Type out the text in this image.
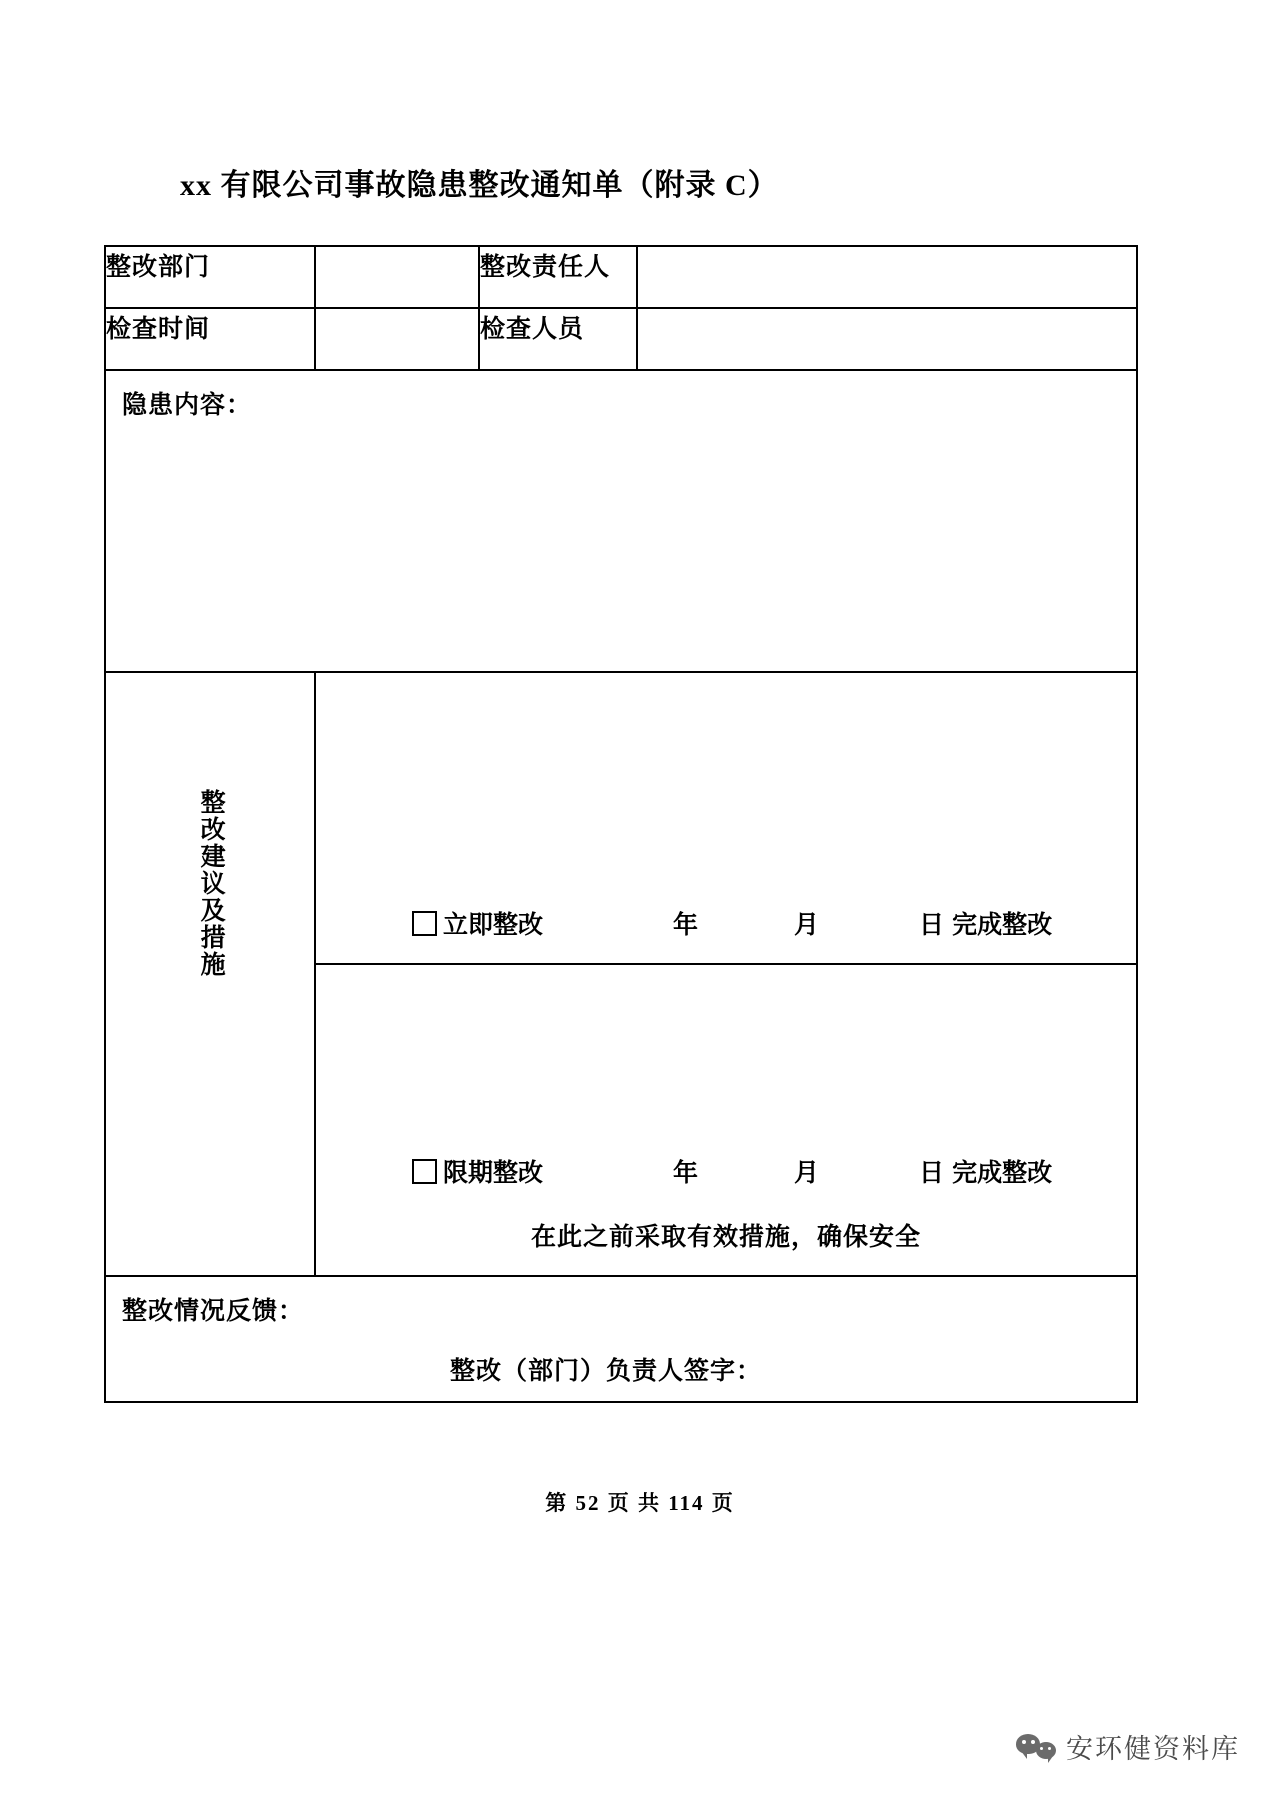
xx 有限公司事故隐患整改通知单（附录 C）
整改部门		整改责任人	
检查时间		检查人员	

隐患内容：			

整改建议及措施	立即整改 年 月 日 完成整改		

限期整改	年	月	日 完成整改
在此之前采取有效措施，确保安全

整改情况反馈：
整改（部门）负责人签字：			
第 52 页 共 114 页
安环健资料库
